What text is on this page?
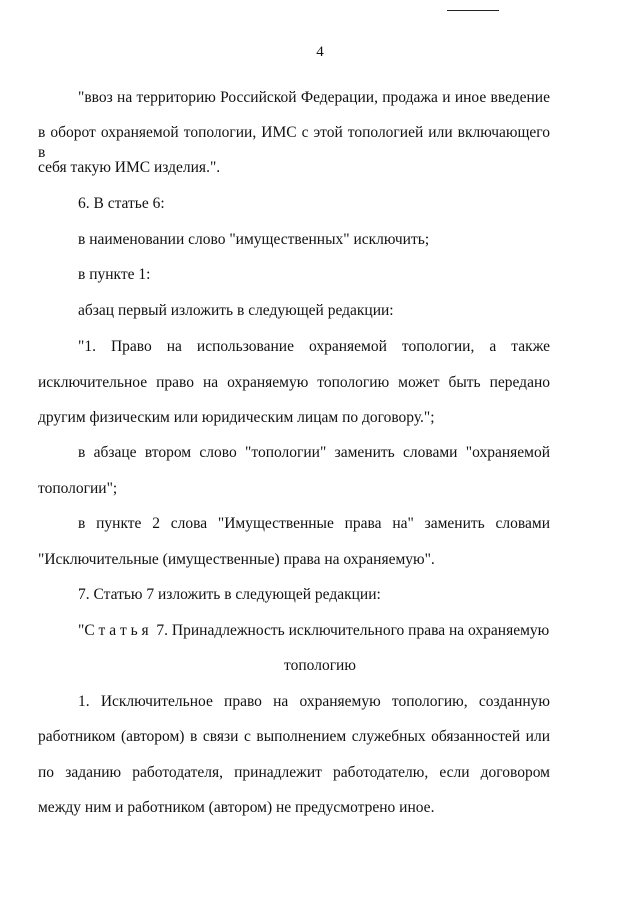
4
"ввоз на территорию Российской Федерации, продажа и иное введение
в оборот охраняемой топологии, ИМС с этой топологией или включающего в
себя такую ИМС изделия.".
6. В статье 6:
в наименовании слово "имущественных" исключить;
в пункте 1:
абзац первый изложить в следующей редакции:
"1. Право на использование охраняемой топологии, а также
исключительное право на охраняемую топологию может быть передано
другим физическим или юридическим лицам по договору.";
в абзаце втором слово "топологии" заменить словами "охраняемой
топологии";
в пункте 2 слова "Имущественные права на" заменить словами
"Исключительные (имущественные) права на охраняемую".
7. Статью 7 изложить в следующей редакции:
"С т а т ь я  7. Принадлежность исключительного права на охраняемую
топологию
1. Исключительное право на охраняемую топологию, созданную
работником (автором) в связи с выполнением служебных обязанностей или
по заданию работодателя, принадлежит работодателю, если договором
между ним и работником (автором) не предусмотрено иное.
